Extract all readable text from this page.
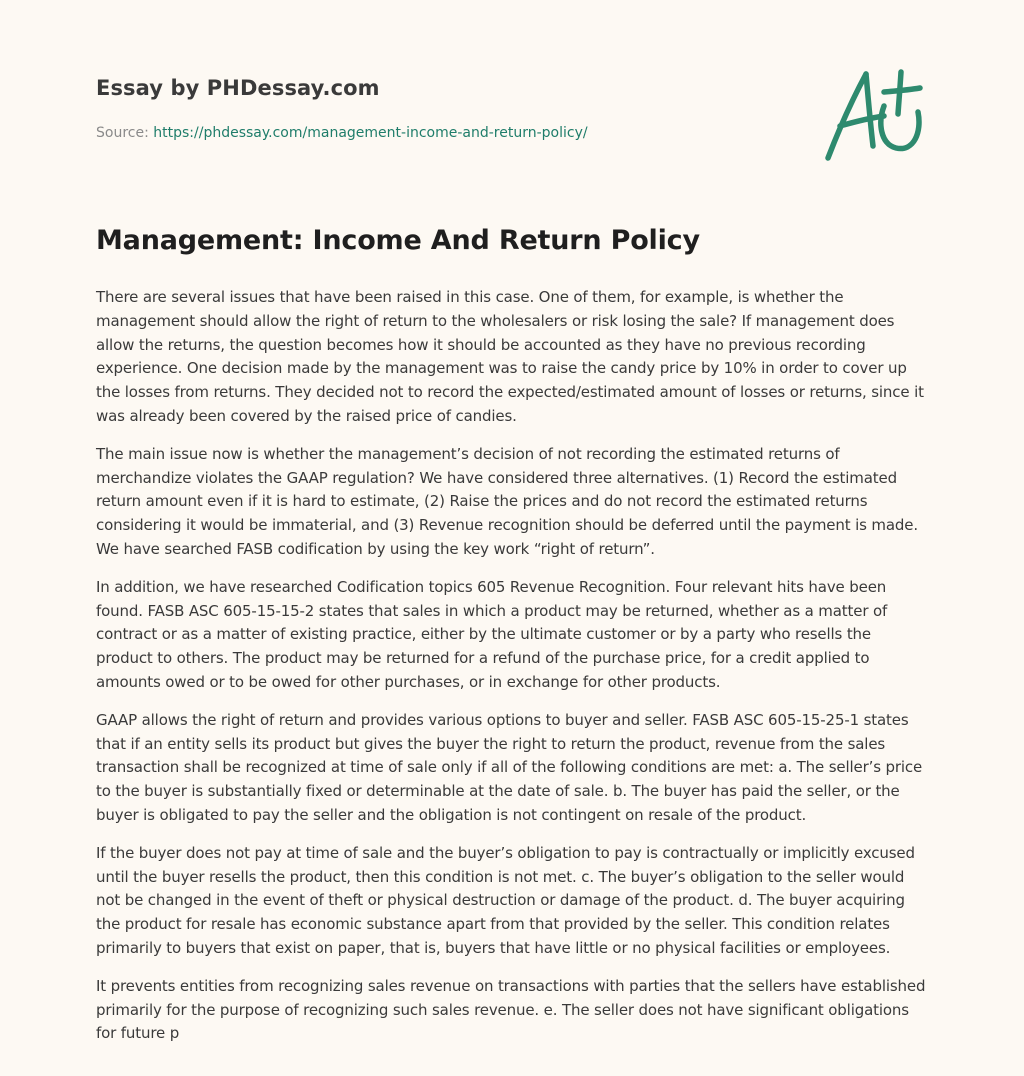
Essay by PHDessay.com
Source: https://phdessay.com/management-income-and-return-policy/
Management: Income And Return Policy

There are several issues that have been raised in this case. One of them, for example, is whether the management should allow the right of return to the wholesalers or risk losing the sale? If management does allow the returns, the question becomes how it should be accounted as they have no previous recording experience. One decision made by the management was to raise the candy price by 10% in order to cover up the losses from returns. They decided not to record the expected/estimated amount of losses or returns, since it was already been covered by the raised price of candies.

The main issue now is whether the management’s decision of not recording the estimated returns of merchandize violates the GAAP regulation? We have considered three alternatives. (1) Record the estimated return amount even if it is hard to estimate, (2) Raise the prices and do not record the estimated returns considering it would be immaterial, and (3) Revenue recognition should be deferred until the payment is made. We have searched FASB codification by using the key work “right of return”.

In addition, we have researched Codification topics 605 Revenue Recognition. Four relevant hits have been found. FASB ASC 605-15-15-2 states that sales in which a product may be returned, whether as a matter of contract or as a matter of existing practice, either by the ultimate customer or by a party who resells the product to others. The product may be returned for a refund of the purchase price, for a credit applied to amounts owed or to be owed for other purchases, or in exchange for other products.

GAAP allows the right of return and provides various options to buyer and seller. FASB ASC 605-15-25-1 states that if an entity sells its product but gives the buyer the right to return the product, revenue from the sales transaction shall be recognized at time of sale only if all of the following conditions are met: a. The seller’s price to the buyer is substantially fixed or determinable at the date of sale. b. The buyer has paid the seller, or the buyer is obligated to pay the seller and the obligation is not contingent on resale of the product.

If the buyer does not pay at time of sale and the buyer’s obligation to pay is contractually or implicitly excused until the buyer resells the product, then this condition is not met. c. The buyer’s obligation to the seller would not be changed in the event of theft or physical destruction or damage of the product. d. The buyer acquiring the product for resale has economic substance apart from that provided by the seller. This condition relates primarily to buyers that exist on paper, that is, buyers that have little or no physical facilities or employees.

It prevents entities from recognizing sales revenue on transactions with parties that the sellers have established primarily for the purpose of recognizing such sales revenue. e. The seller does not have significant obligations for future p
